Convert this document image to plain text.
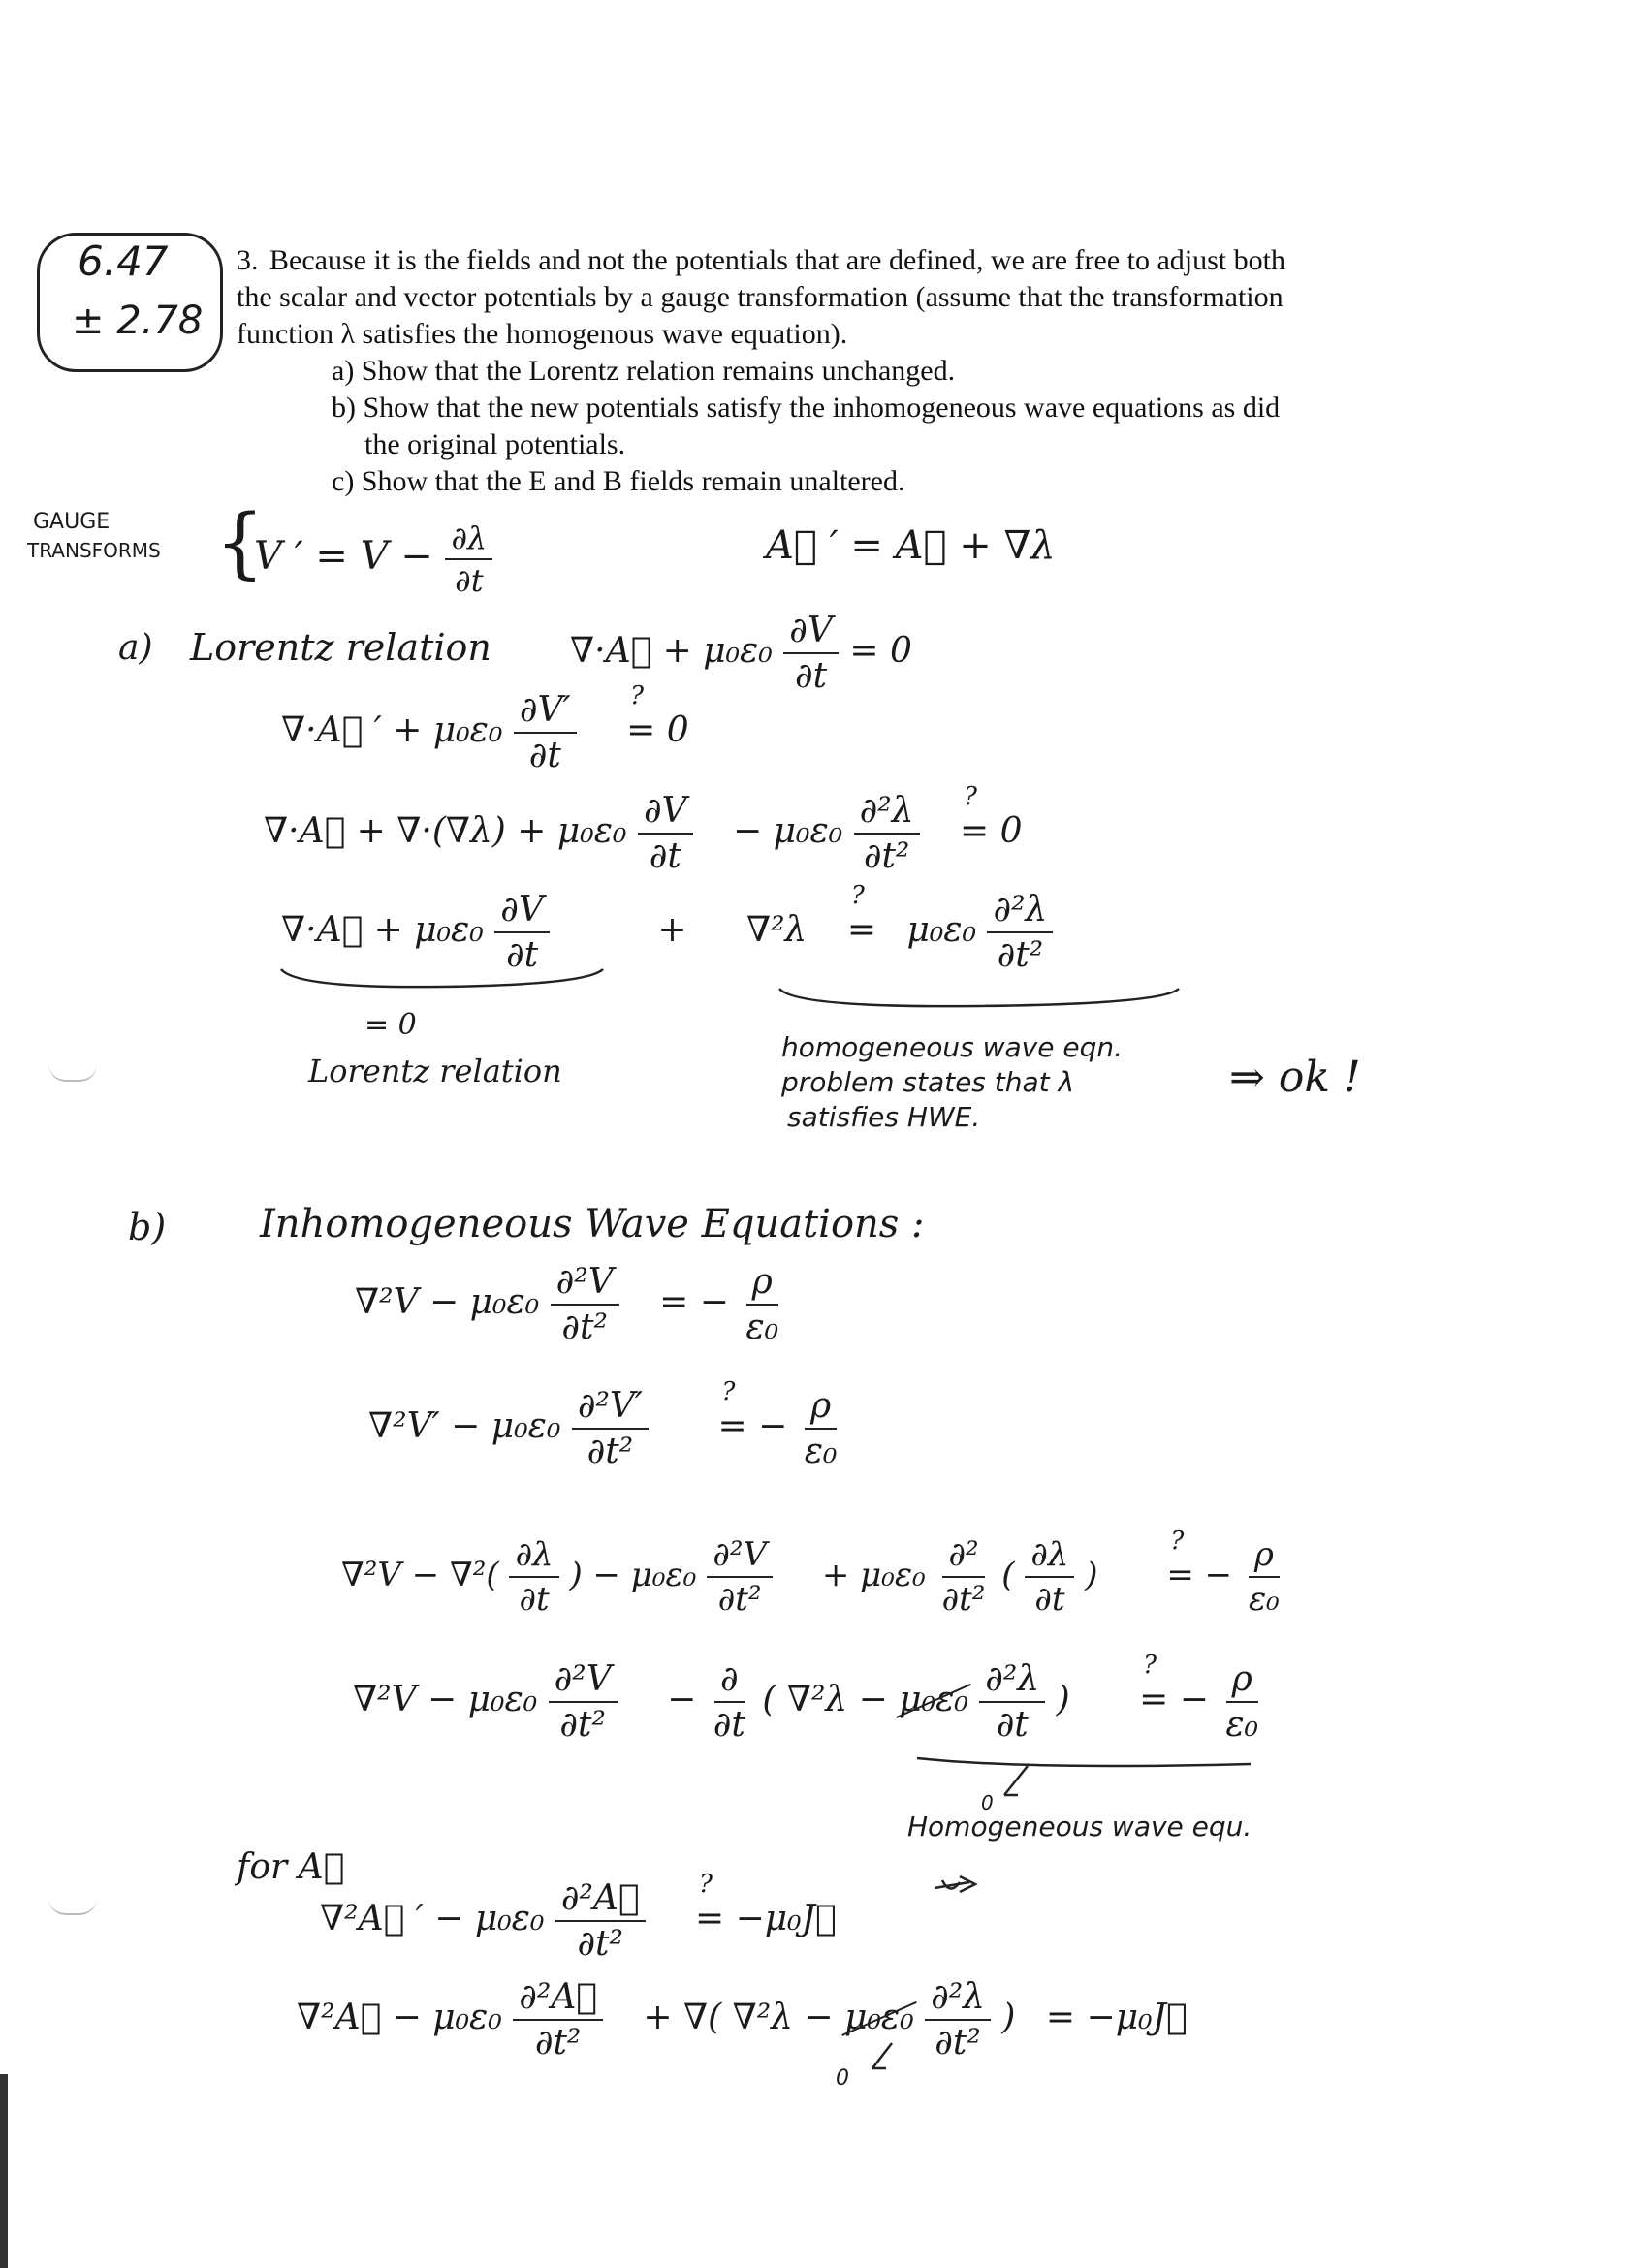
6.47
± 2.78
3. Because it is the fields and not the potentials that are defined, we are free to adjust both
the scalar and vector potentials by a gauge transformation (assume that the transformation
function λ satisfies the homogenous wave equation).
a) Show that the Lorentz relation remains unchanged.
b) Show that the new potentials satisfy the inhomogeneous wave equations as did
the original potentials.
c) Show that the E and B fields remain unaltered.
GAUGE
TRANSFORMS {
V ′ = $V - \frac{\partial\lambda}{\partial t}$	A⃗ ′ = A⃗ + ∇λ
a) Lorentz relation ∇·A⃗ + $\mu_0\varepsilon_0 \frac{\partial V}{\partial t} = 0$
∇·A⃗ ′ + $\mu_0\varepsilon_0 \frac{\partial V'}{\partial t}$ ? = 0
∇·A⃗ + $\nabla\cdot(\nabla\lambda) + \mu_0\varepsilon_0 \frac{\partial V}{\partial t} - \mu_0\varepsilon_0 \frac{\text{∂²λ}}{\text{∂t²}}$ ? = 0
∇·A⃗ + $\mu_0\varepsilon_0 \frac{\partial V}{\partial t}$	+ ∇²λ ? = $\mu_0\varepsilon_0 \frac{\text{∂²λ}}{\text{∂t²}}$
= 0
Lorentz relation
homogeneous wave eqn.
problem states that λ
satisfies HWE.
⇒ ok !
b) Inhomogeneous Wave Equations :
$\nabla^2V - \mu_0\varepsilon_0 \frac{\text{∂²V}}{\text{∂t²}}$ = − $\frac{\rho}{\text{ε₀}}$
$\nabla^2V' - \mu_0\varepsilon_0 \frac{\text{∂²V′}}{\text{∂t²}}$ ? = − $\frac{\rho}{\text{ε₀}}$
$\nabla^2V - \nabla^2( \frac{\partial\lambda}{\partial t}$ ) − $\mu_0\varepsilon_0 \frac{\text{∂²V}}{\text{∂t²}} + \mu_0\varepsilon_0 \frac{\text{∂²}}{\text{∂t²}}$ ( $\frac{\partial\lambda}{\partial t}$ ) ? = − $\frac{\rho}{\text{ε₀}}$
$\nabla^2V - \mu_0\varepsilon_0 \frac{\text{∂²V}}{\text{∂t²}} - \frac{\partial}{\partial t}$ ( $\nabla^2\lambda - \mu_0\varepsilon_0 \frac{\text{∂²λ}}{\partial t}$ ) ? = − $\frac{\rho}{\text{ε₀}}$
0
Homogeneous wave equ.
for A⃗
∇²A⃗ ′ − $\mu_0\varepsilon_0 \frac{\text{∂²A⃗}}{\text{∂t²}}$ ? = −μ₀J⃗
∇²A⃗ − $\mu_0\varepsilon_0 \frac{\text{∂²A⃗}}{\text{∂t²}}$ + ∇( $\nabla^2\lambda - \mu_0\varepsilon_0 \frac{\text{∂²λ}}{\text{∂t²}}$ ) = −μ₀J⃗
0
